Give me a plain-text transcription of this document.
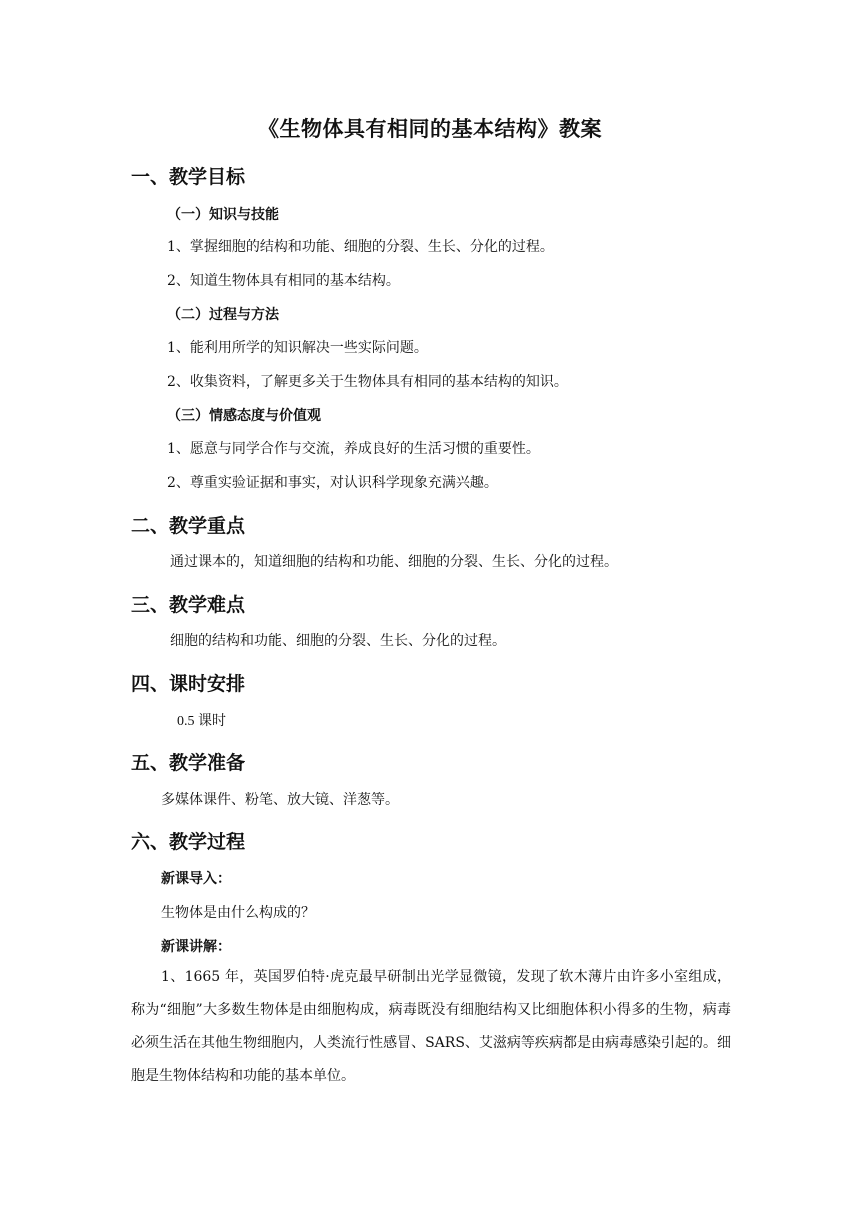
《生物体具有相同的基本结构》教案
一、教学目标
（一）知识与技能
1、掌握细胞的结构和功能、细胞的分裂、生长、分化的过程。
2、知道生物体具有相同的基本结构。
（二）过程与方法
1、能利用所学的知识解决一些实际问题。
2、收集资料，了解更多关于生物体具有相同的基本结构的知识。
（三）情感态度与价值观
1、愿意与同学合作与交流，养成良好的生活习惯的重要性。
2、尊重实验证据和事实，对认识科学现象充满兴趣。
二、教学重点
通过课本的，知道细胞的结构和功能、细胞的分裂、生长、分化的过程。
三、教学难点
细胞的结构和功能、细胞的分裂、生长、分化的过程。
四、课时安排
0.5 课时
五、教学准备
多媒体课件、粉笔、放大镜、洋葱等。
六、教学过程
新课导入：
生物体是由什么构成的？
新课讲解：
1、1665 年，英国罗伯特·虎克最早研制出光学显微镜，发现了软木薄片由许多小室组成，称为“细胞”大多数生物体是由细胞构成，病毒既没有细胞结构又比细胞体积小得多的生物，病毒必须生活在其他生物细胞内，人类流行性感冒、SARS、艾滋病等疾病都是由病毒感染引起的。细胞是生物体结构和功能的基本单位。
